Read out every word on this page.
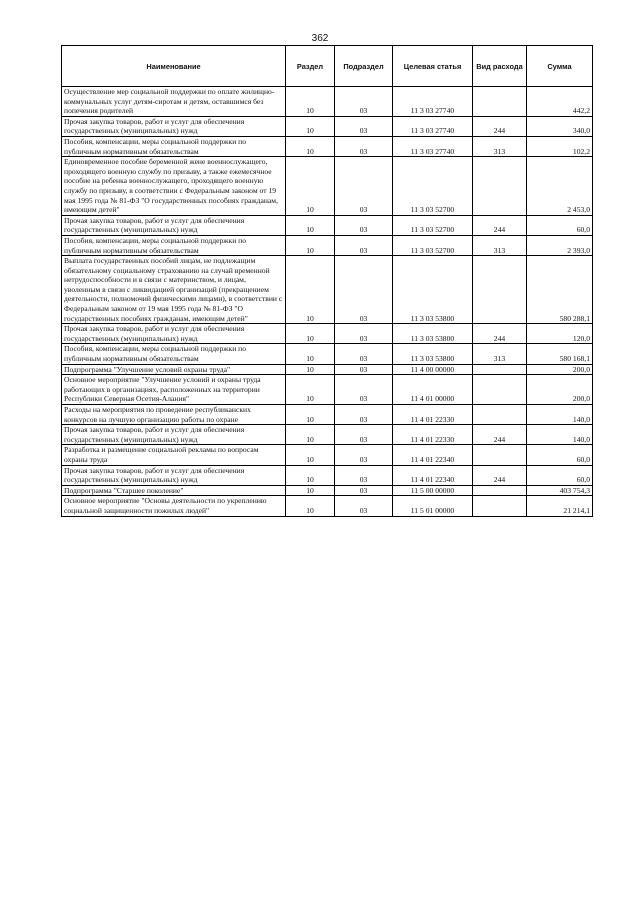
362
Наименование	Раздел	Подраздел	Целевая статья	Вид расхода	Сумма
Осуществление мер социальной поддержки по оплате жилищно-коммунальных услуг детям-сиротам и детям, оставшимся без попечения родителей	10	03	11 3 03 27740		442,2
Прочая закупка товаров, работ и услуг для обеспечения государственных (муниципальных) нужд	10	03	11 3 03 27740	244	340,0
Пособия, компенсации, меры социальной поддержки по публичным нормативным обязательствам	10	03	11 3 03 27740	313	102,2
Единовременное пособие беременной жене военнослужащего, проходящего военную службу по призыву, а также ежемесячное пособие на ребенка военнослужащего, проходящего военную службу по призыву, в соответствии с Федеральным законом от 19 мая 1995 года № 81-ФЗ "О государственных пособиях гражданам, имеющим детей"	10	03	11 3 03 52700		2 453,0
Прочая закупка товаров, работ и услуг для обеспечения государственных (муниципальных) нужд	10	03	11 3 03 52700	244	60,0
Пособия, компенсации, меры социальной поддержки по публичным нормативным обязательствам	10	03	11 3 03 52700	313	2 393,0
Выплата государственных пособий лицам, не подлежащим обязательному социальному страхованию на случай временной нетрудоспособности и в связи с материнством, и лицам, уволенным в связи с ликвидацией организаций (прекращением деятельности, полномочий физическими лицами), в соответствии с Федеральным законом от 19 мая 1995 года № 81-ФЗ "О государственных пособиях гражданам, имеющим детей"	10	03	11 3 03 53800		580 288,1
Прочая закупка товаров, работ и услуг для обеспечения государственных (муниципальных) нужд	10	03	11 3 03 53800	244	120,0
Пособия, компенсации, меры социальной поддержки по публичным нормативным обязательствам	10	03	11 3 03 53800	313	580 168,1
Подпрограмма "Улучшение условий охраны труда"	10	03	11 4 00 00000		200,0
Основное мероприятие "Улучшение условий и охраны труда работающих в организациях, расположенных на территории Республики Северная Осетия-Алания"	10	03	11 4 01 00000		200,0
Расходы на мероприятия по проведение республиканских конкурсов на лучшую организацию работы по охране	10	03	11 4 01 22330		140,0
Прочая закупка товаров, работ и услуг для обеспечения государственных (муниципальных) нужд	10	03	11 4 01 22330	244	140,0
Разработка и размещение социальной рекламы по вопросам охраны труда	10	03	11 4 01 22340		60,0
Прочая закупка товаров, работ и услуг для обеспечения государственных (муниципальных) нужд	10	03	11 4 01 22340	244	60,0
Подпрограмма "Старшее поколение"	10	03	11 5 00 00000		403 754,3
Основное мероприятие "Основы деятельности по укреплению социальной защищенности пожилых людей"	10	03	11 5 01 00000		21 214,1
